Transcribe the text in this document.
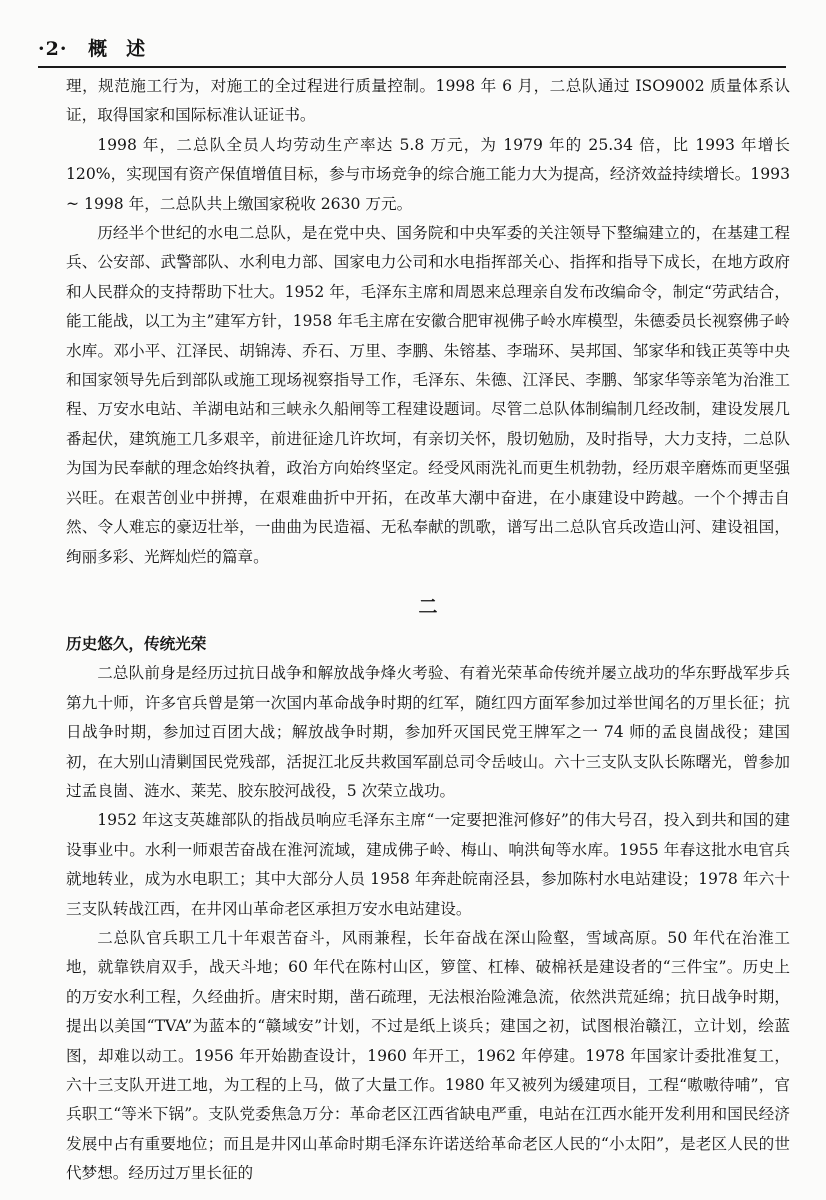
·2· 概　述

理，规范施工行为，对施工的全过程进行质量控制。1998 年 6 月，二总队通过 ISO9002 质量体系认证，取得国家和国际标准认证证书。

1998 年，二总队全员人均劳动生产率达 5.8 万元，为 1979 年的 25.34 倍，比 1993 年增长 120%，实现国有资产保值增值目标，参与市场竞争的综合施工能力大为提高，经济效益持续增长。1993 ~ 1998 年，二总队共上缴国家税收 2630 万元。

历经半个世纪的水电二总队，是在党中央、国务院和中央军委的关注领导下整编建立的，在基建工程兵、公安部、武警部队、水利电力部、国家电力公司和水电指挥部关心、指挥和指导下成长，在地方政府和人民群众的支持帮助下壮大。1952 年，毛泽东主席和周恩来总理亲自发布改编命令，制定“劳武结合，能工能战，以工为主”建军方针，1958 年毛主席在安徽合肥审视佛子岭水库模型，朱德委员长视察佛子岭水库。邓小平、江泽民、胡锦涛、乔石、万里、李鹏、朱镕基、李瑞环、吴邦国、邹家华和钱正英等中央和国家领导先后到部队或施工现场视察指导工作，毛泽东、朱德、江泽民、李鹏、邹家华等亲笔为治淮工程、万安水电站、羊湖电站和三峡永久船闸等工程建设题词。尽管二总队体制编制几经改制，建设发展几番起伏，建筑施工几多艰辛，前进征途几许坎坷，有亲切关怀，殷切勉励，及时指导，大力支持，二总队为国为民奉献的理念始终执着，政治方向始终坚定。经受风雨洗礼而更生机勃勃，经历艰辛磨炼而更坚强兴旺。在艰苦创业中拼搏，在艰难曲折中开拓，在改革大潮中奋进，在小康建设中跨越。一个个搏击自然、令人难忘的豪迈壮举，一曲曲为民造福、无私奉献的凯歌，谱写出二总队官兵改造山河、建设祖国，绚丽多彩、光辉灿烂的篇章。

二

历史悠久，传统光荣

二总队前身是经历过抗日战争和解放战争烽火考验、有着光荣革命传统并屡立战功的华东野战军步兵第九十师，许多官兵曾是第一次国内革命战争时期的红军，随红四方面军参加过举世闻名的万里长征；抗日战争时期，参加过百团大战；解放战争时期，参加歼灭国民党王牌军之一 74 师的孟良崮战役；建国初，在大别山清剿国民党残部，活捉江北反共救国军副总司令岳岐山。六十三支队支队长陈曙光，曾参加过孟良崮、涟水、莱芜、胶东胶河战役，5 次荣立战功。

1952 年这支英雄部队的指战员响应毛泽东主席“一定要把淮河修好”的伟大号召，投入到共和国的建设事业中。水利一师艰苦奋战在淮河流域，建成佛子岭、梅山、响洪甸等水库。1955 年春这批水电官兵就地转业，成为水电职工；其中大部分人员 1958 年奔赴皖南泾县，参加陈村水电站建设；1978 年六十三支队转战江西，在井冈山革命老区承担万安水电站建设。

二总队官兵职工几十年艰苦奋斗，风雨兼程，长年奋战在深山险壑，雪域高原。50 年代在治淮工地，就靠铁肩双手，战天斗地；60 年代在陈村山区，箩筐、杠棒、破棉袄是建设者的“三件宝”。历史上的万安水利工程，久经曲折。唐宋时期，凿石疏理，无法根治险滩急流，依然洪荒延绵；抗日战争时期，提出以美国“TVA”为蓝本的“赣域安”计划，不过是纸上谈兵；建国之初，试图根治赣江，立计划，绘蓝图，却难以动工。1956 年开始勘查设计，1960 年开工，1962 年停建。1978 年国家计委批准复工，六十三支队开进工地，为工程的上马，做了大量工作。1980 年又被列为缓建项目，工程“嗷嗷待哺”，官兵职工“等米下锅”。支队党委焦急万分：革命老区江西省缺电严重，电站在江西水能开发利用和国民经济发展中占有重要地位；而且是井冈山革命时期毛泽东许诺送给革命老区人民的“小太阳”，是老区人民的世代梦想。经历过万里长征的
